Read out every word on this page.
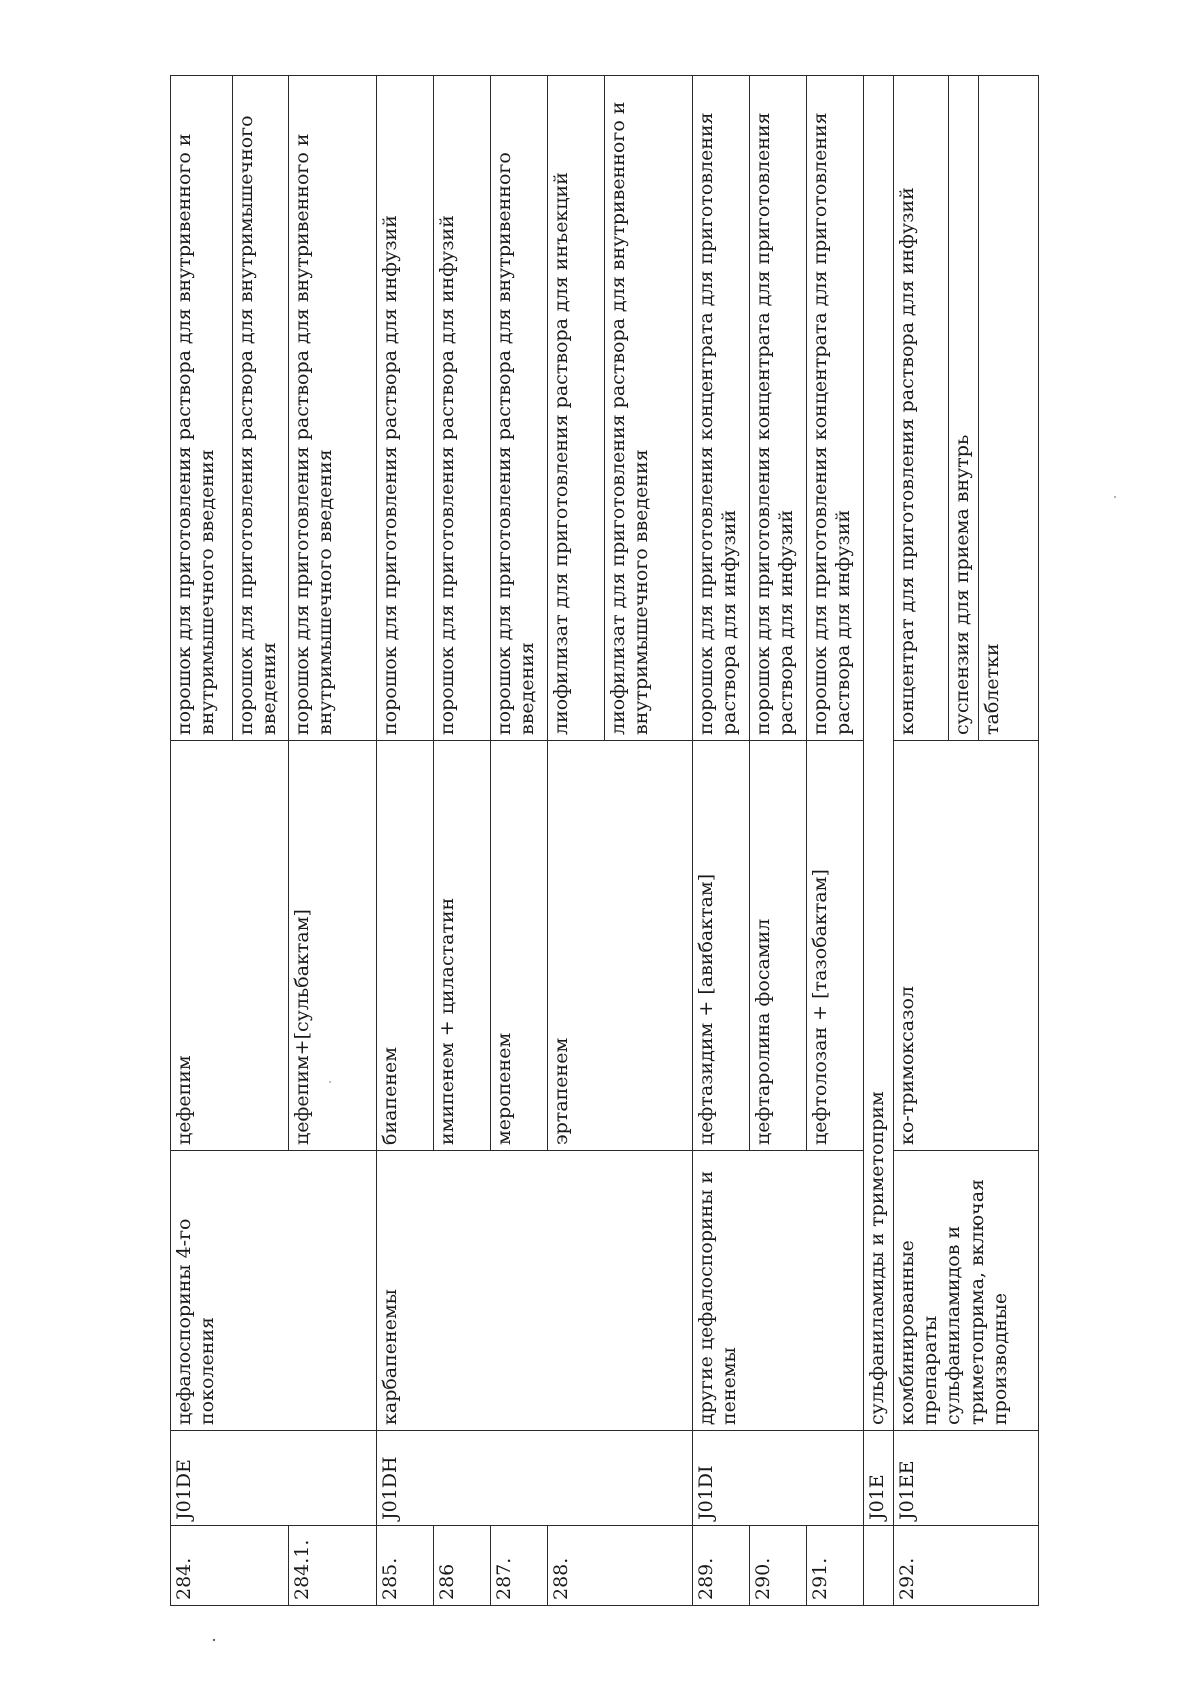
284.	J01DE	цефалоспорины 4-го поколения	цефепим	порошок для приготовления раствора для внутривенного и внутримышечного введения
				порошок для приготовления раствора для внутримышечного введения
284.1.			цефепим+[сульбактам]	порошок для приготовления раствора для внутривенного и внутримышечного введения
285.	J01DH	карбапенемы	биапенем	порошок для приготовления раствора для инфузий
286			имипенем + циластатин	порошок для приготовления раствора для инфузий
287.			меропенем	порошок для приготовления раствора для внутривенного введения
288.			эртапенем	лиофилизат для приготовления раствора для инъекций
				лиофилизат для приготовления раствора для внутривенного и внутримышечного введения
289.	J01DI	другие цефалоспорины и пенемы	цефтазидим + [авибактам]	порошок для приготовления концентрата для приготовления раствора для инфузий
290.			цефтаролина фосамил	порошок для приготовления концентрата для приготовления раствора для инфузий
291.			цефтолозан + [тазобактам]	порошок для приготовления концентрата для приготовления раствора для инфузий
	J01E	сульфаниламиды и триметоприм		
292.	J01EE	комбинированные препараты сульфаниламидов и триметоприма, включая производные	ко-тримоксазол	концентрат для приготовления раствора для инфузий
				суспензия для приема внутрь
				таблетки
